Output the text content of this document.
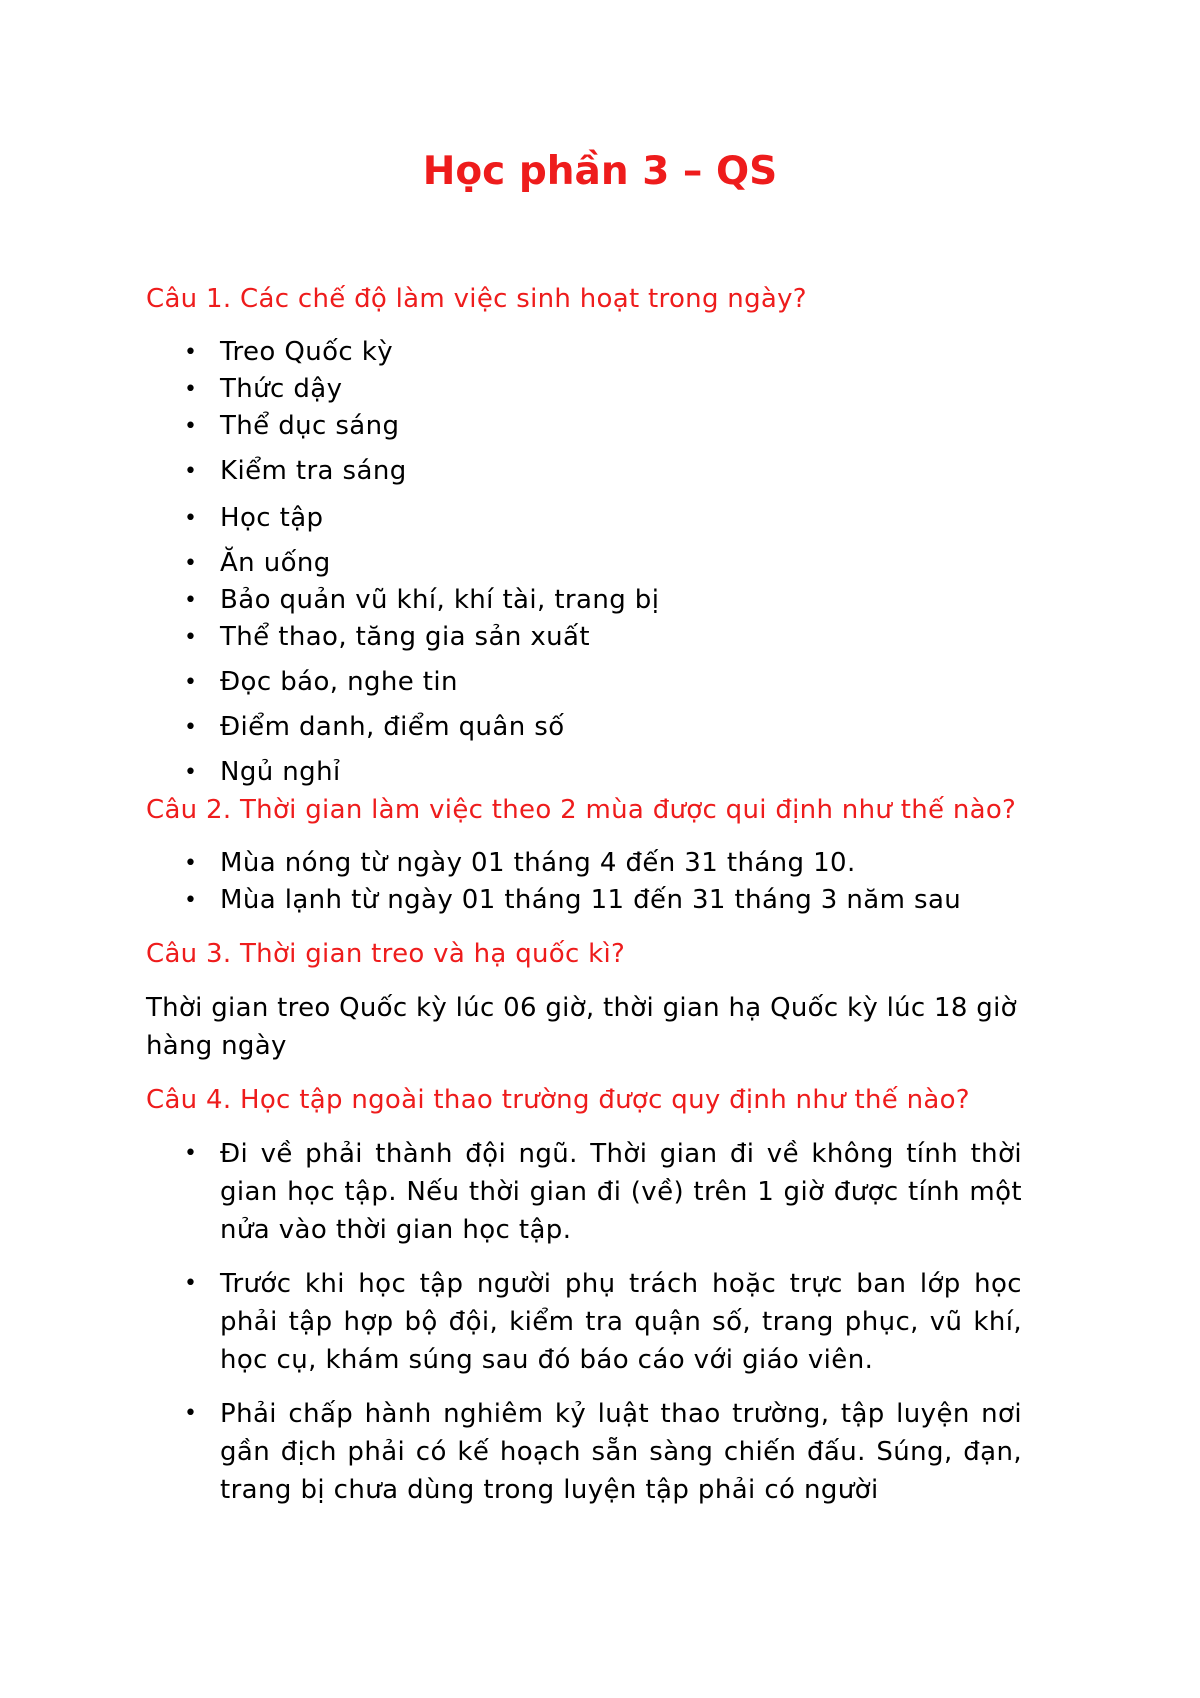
Học phần 3 – QS

Câu 1. Các chế độ làm việc sinh hoạt trong ngày?

• Treo Quốc kỳ
• Thức dậy
• Thể dục sáng
• Kiểm tra sáng
• Học tập
• Ăn uống
• Bảo quản vũ khí, khí tài, trang bị
• Thể thao, tăng gia sản xuất
• Đọc báo, nghe tin
• Điểm danh, điểm quân số
• Ngủ nghỉ

Câu 2. Thời gian làm việc theo 2 mùa được qui định như thế nào?

• Mùa nóng từ ngày 01 tháng 4 đến 31 tháng 10.
• Mùa lạnh từ ngày 01 tháng 11 đến 31 tháng 3 năm sau

Câu 3. Thời gian treo và hạ quốc kì?

Thời gian treo Quốc kỳ lúc 06 giờ, thời gian hạ Quốc kỳ lúc 18 giờ hàng ngày

Câu 4. Học tập ngoài thao trường được quy định như thế nào?

• Đi về phải thành đội ngũ. Thời gian đi về không tính thời gian học tập. Nếu thời gian đi (về) trên 1 giờ được tính một nửa vào thời gian học tập.
• Trước khi học tập người phụ trách hoặc trực ban lớp học phải tập hợp bộ đội, kiểm tra quận số, trang phục, vũ khí, học cụ, khám súng sau đó báo cáo với giáo viên.
• Phải chấp hành nghiêm kỷ luật thao trường, tập luyện nơi gần địch phải có kế hoạch sẵn sàng chiến đấu. Súng, đạn, trang bị chưa dùng trong luyện tập phải có người
